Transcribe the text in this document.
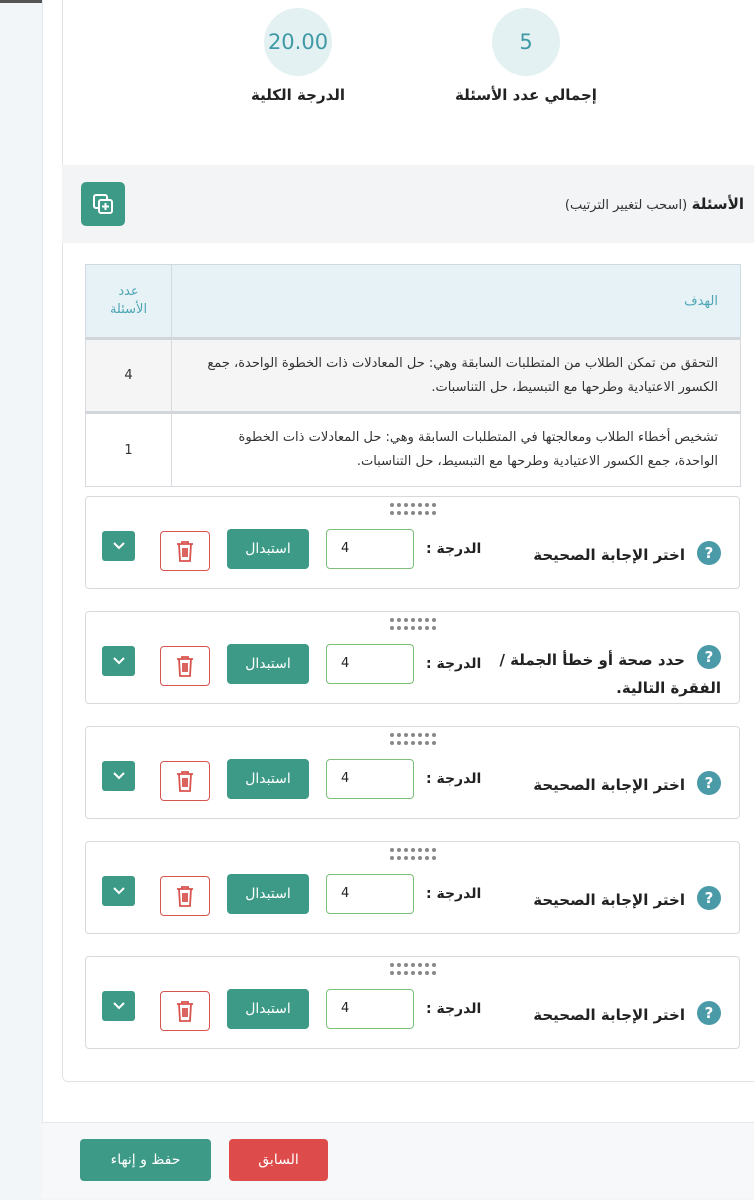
20.00
الدرجة الكلية
5
إجمالي عدد الأسئلة
الأسئلة (اسحب لتغيير الترتيب)
الهدف	عدد
الأسئلة

التحقق من تمكن الطلاب من المتطلبات السابقة وهي: حل المعادلات ذات الخطوة الواحدة، جمع الكسور الاعتيادية وطرحها مع التبسيط، حل التناسبات.	4
تشخيص أخطاء الطلاب ومعالجتها في المتطلبات السابقة وهي: حل المعادلات ذات الخطوة الواحدة، جمع الكسور الاعتيادية وطرحها مع التبسيط، حل التناسبات.	1
?
اختر الإجابة الصحيحة
الدرجة :
4
استبدال
?
حدد صحة أو خطأ الجملة /
الفقرة التالية.
الدرجة :
4
استبدال
?
اختر الإجابة الصحيحة
الدرجة :
4
استبدال
?
اختر الإجابة الصحيحة
الدرجة :
4
استبدال
?
اختر الإجابة الصحيحة
الدرجة :
4
استبدال
حفظ و إنهاء	السابق
